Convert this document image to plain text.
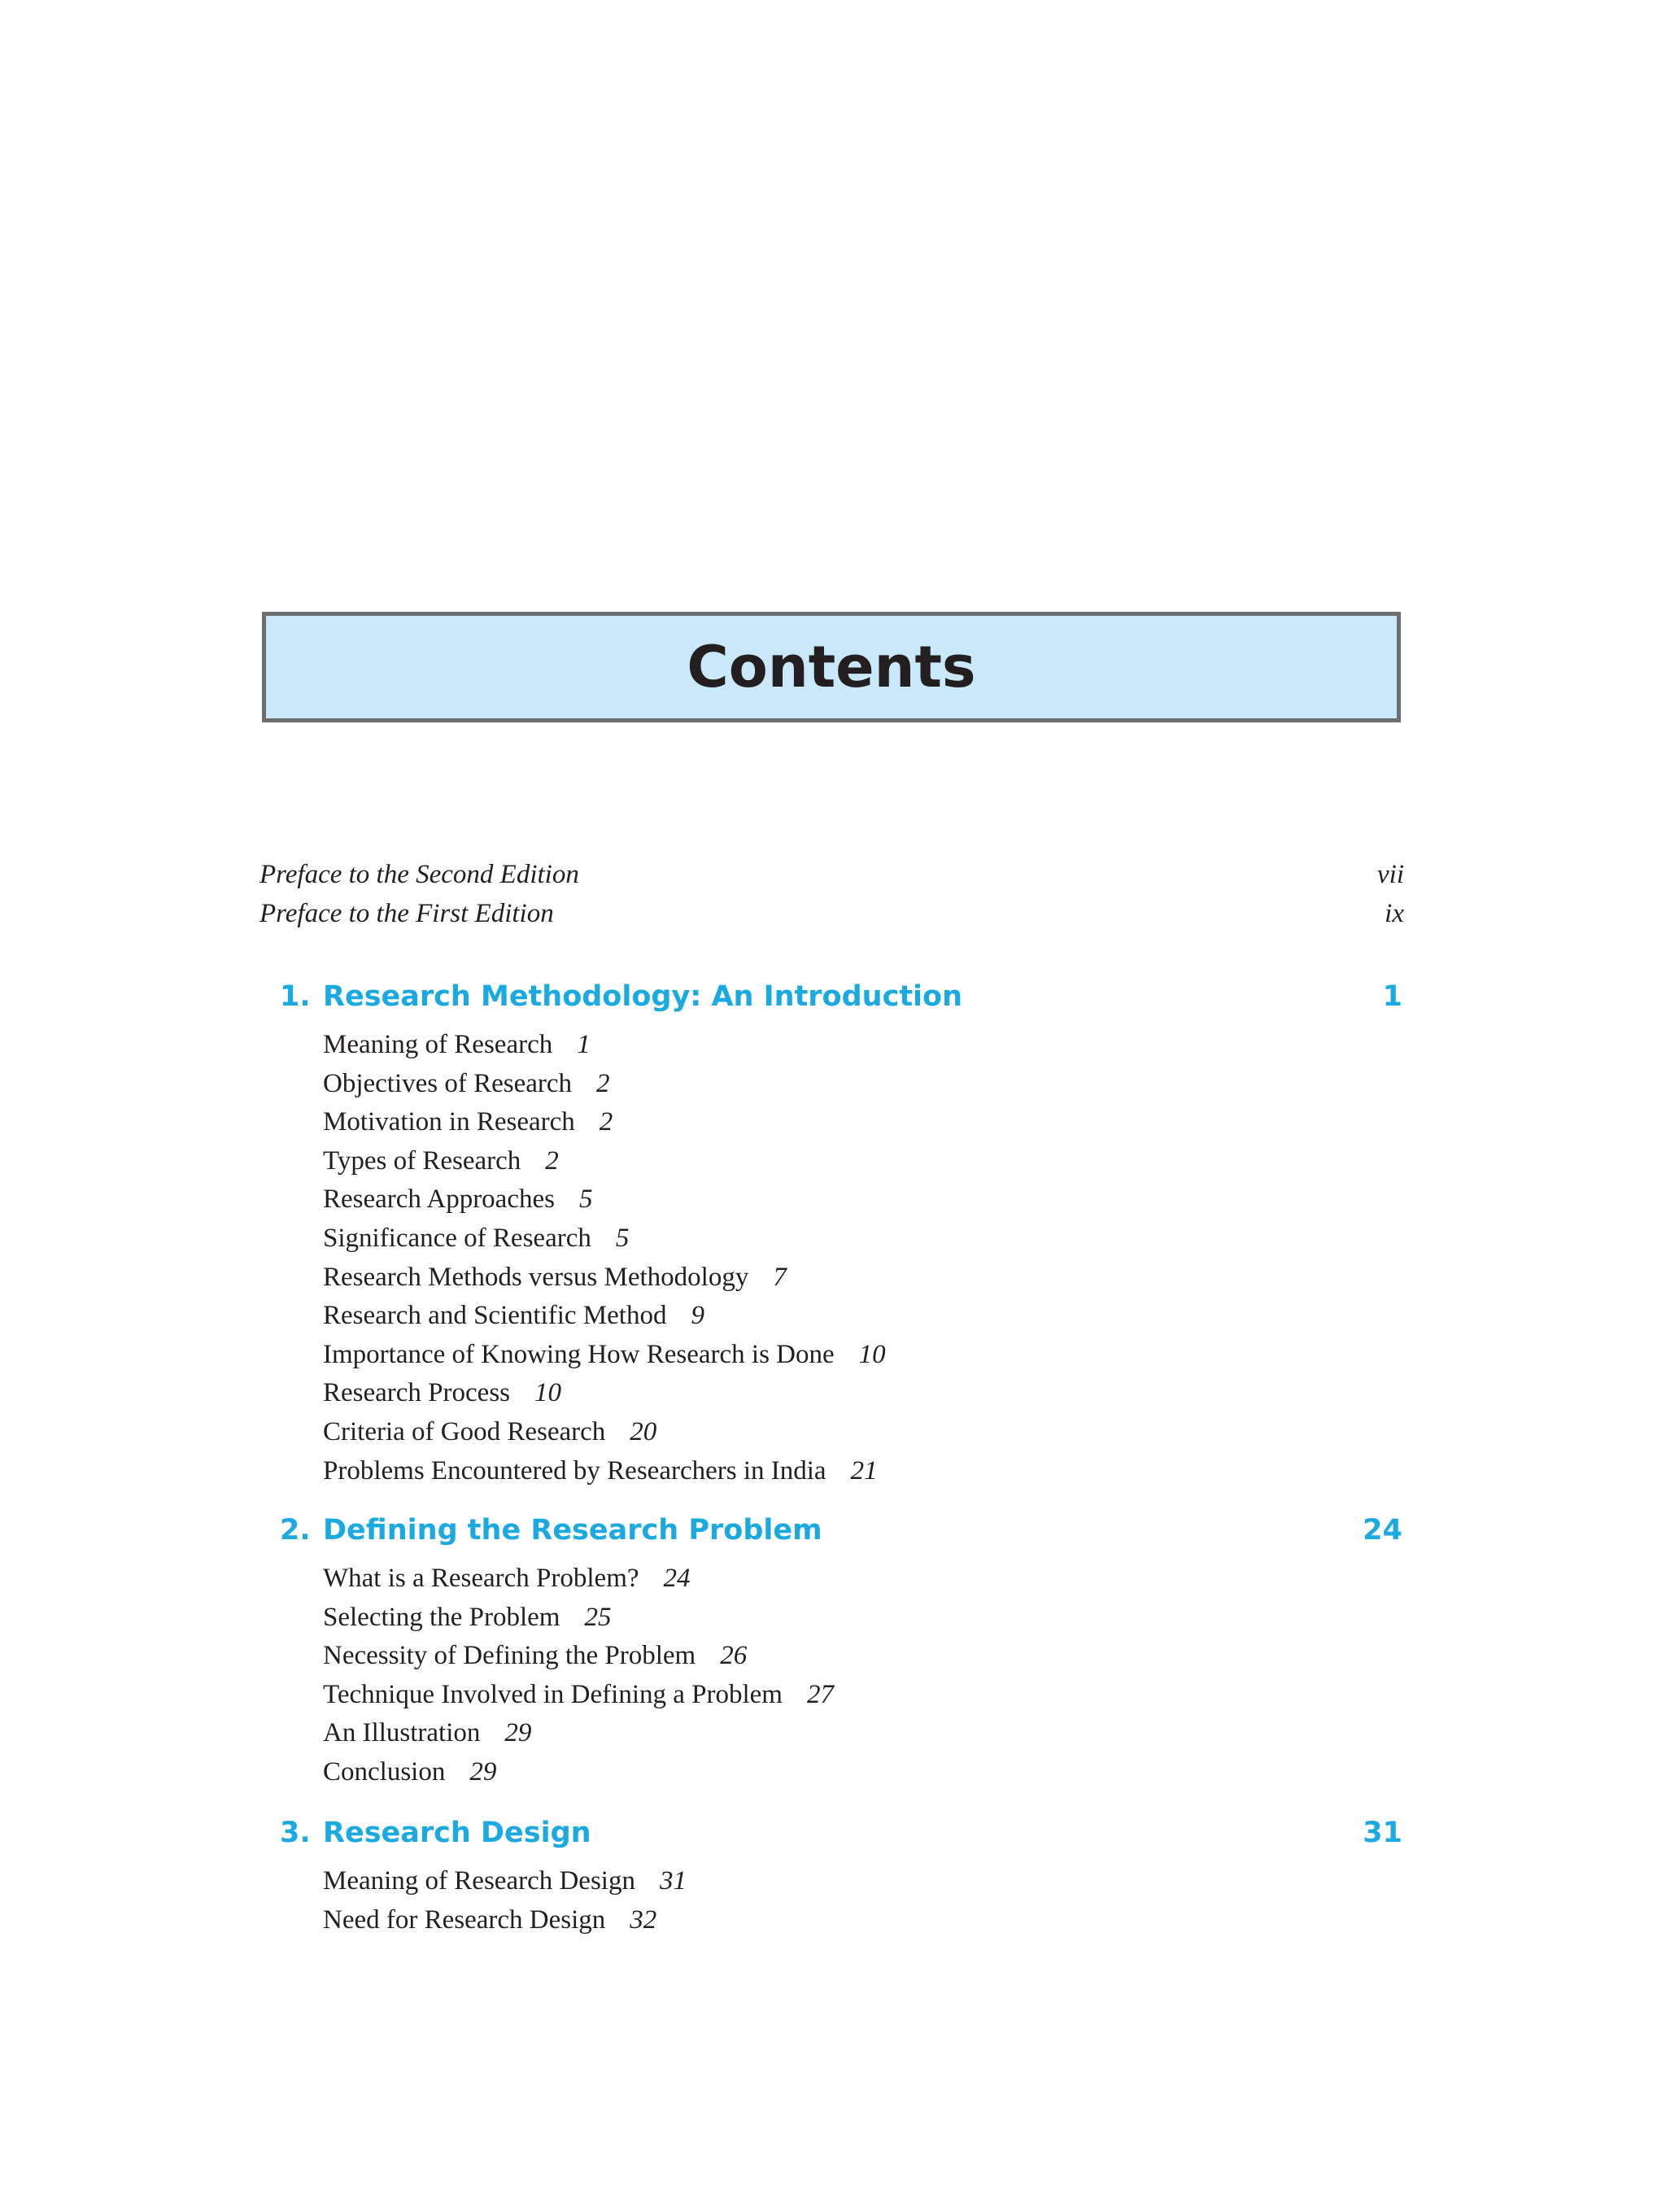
Contents
Preface to the Second Edition	vii
Preface to the First Edition	ix
1. Research Methodology: An Introduction	1
Meaning of Research 1
Objectives of Research 2
Motivation in Research 2
Types of Research 2
Research Approaches 5
Significance of Research 5
Research Methods versus Methodology 7
Research and Scientific Method 9
Importance of Knowing How Research is Done 10
Research Process 10
Criteria of Good Research 20
Problems Encountered by Researchers in India 21
2. Defining the Research Problem	24
What is a Research Problem? 24
Selecting the Problem 25
Necessity of Defining the Problem 26
Technique Involved in Defining a Problem 27
An Illustration 29
Conclusion 29
3. Research Design	31
Meaning of Research Design 31
Need for Research Design 32
